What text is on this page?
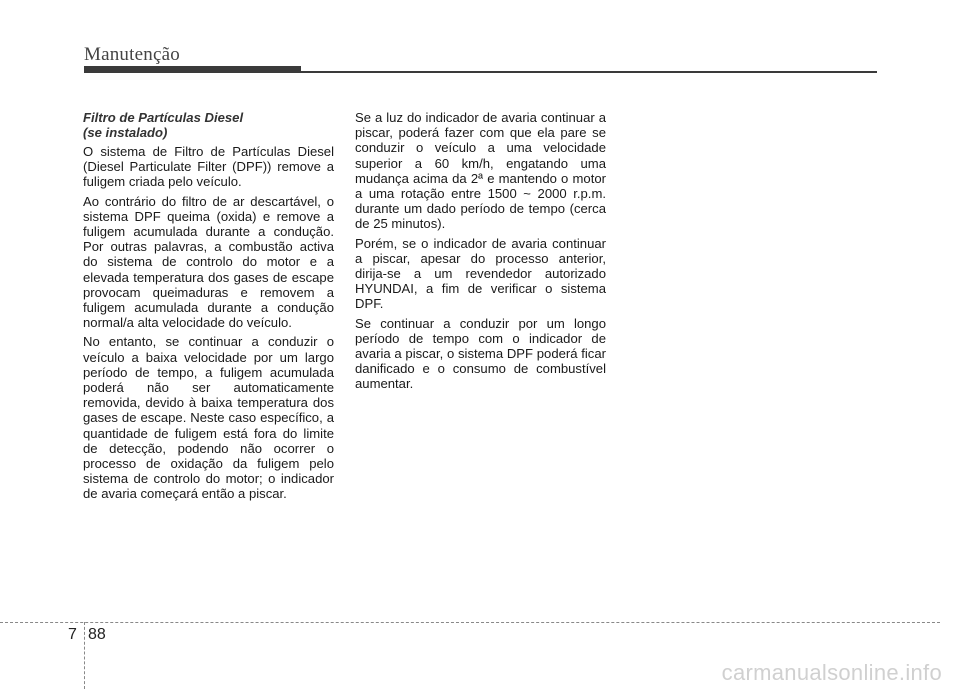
Manutenção
Filtro de Partículas Diesel
(se instalado)

O sistema de Filtro de Partículas Diesel (Diesel Particulate Filter (DPF)) remove a fuligem criada pelo veículo.

Ao contrário do filtro de ar descartável, o sistema DPF queima (oxida) e remove a fuligem acumulada durante a condução. Por outras palavras, a combustão activa do sistema de controlo do motor e a elevada temperatura dos gases de escape provocam queimaduras e removem a fuligem acumulada durante a condução normal/a alta velocidade do veículo.

No entanto, se continuar a conduzir o veículo a baixa velocidade por um largo período de tempo, a fuligem acumulada poderá não ser automaticamente removida, devido à baixa temperatura dos gases de escape. Neste caso específico, a quantidade de fuligem está fora do limite de detecção, podendo não ocorrer o processo de oxidação da fuligem pelo sistema de controlo do motor; o indicador de avaria começará então a piscar.

Se a luz do indicador de avaria continuar a piscar, poderá fazer com que ela pare se conduzir o veículo a uma velocidade superior a 60 km/h, engatando uma mudança acima da 2ª e mantendo o motor a uma rotação entre 1500 ~ 2000 r.p.m. durante um dado período de tempo (cerca de 25 minutos).

Porém, se o indicador de avaria continuar a piscar, apesar do processo anterior, dirija-se a um revendedor autorizado HYUNDAI, a fim de verificar o sistema DPF.

Se continuar a conduzir por um longo período de tempo com o indicador de avaria a piscar, o sistema DPF poderá ficar danificado e o consumo de combustível aumentar.

7 88
carmanualsonline.info
